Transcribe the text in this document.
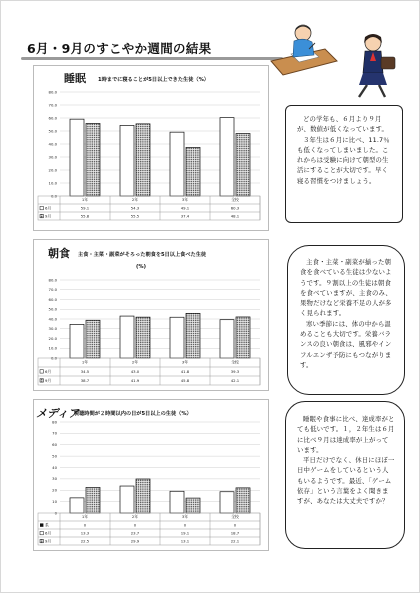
6月・9月のすこやか週間の結果
睡眠 1時までに寝ることが5日以上できた生徒（%）
0.0
10.0
20.0
30.0
40.0
50.0
60.0
70.0
80.0
1年	2年	3年	全校
6月	59.1	54.3	49.1	60.3
9月	55.8	55.5	37.4	48.1

どの学年も、６月より９月が、数値が低くなっています。

３年生は６月に比べ、11.7％も低くなってしまいました。これからは受験に向けて朝型の生活にすることが大切です。早く寝る習慣をつけましょう。

朝食 主食・主菜・副菜がそろった朝食を5日以上食べた生徒
(%)
0.0
10.0
20.0
30.0
40.0
50.0
60.0
70.0
80.0
1年	2年	3年	全校
6月	34.5	43.0	41.8	39.3
9月	38.7	41.9	45.8	42.1

主食・主菜・副菜が揃った朝食を食べている生徒は少ないようです。９割以上の生徒は朝食を食べていますが、主食のみ、果物だけなど栄養不足の人が多く見られます。

寒い季節には、体の中から温めることも大切です。栄養バランスの良い朝食は、風邪やインフルエンザ予防にもつながります。

メディア
視聴時間が２時間以内の日が5日以上の生徒（%）
0
10
20
30
40
50
60
70
80
1年	2年	3年	全校
系	0	0	0	0
6月	13.3	23.7	19.1	18.7
9月	22.5	29.9	13.1	22.1

睡眠や食事に比べ、達成率がとても低いです。１，２年生は６月に比べ９月は達成率が上がっています。

平日だけでなく、休日にほぼ一日中ゲームをしているという人もいるようです。最近、「ゲーム依存」という言葉をよく聞きますが、あなたは大丈夫ですか？
